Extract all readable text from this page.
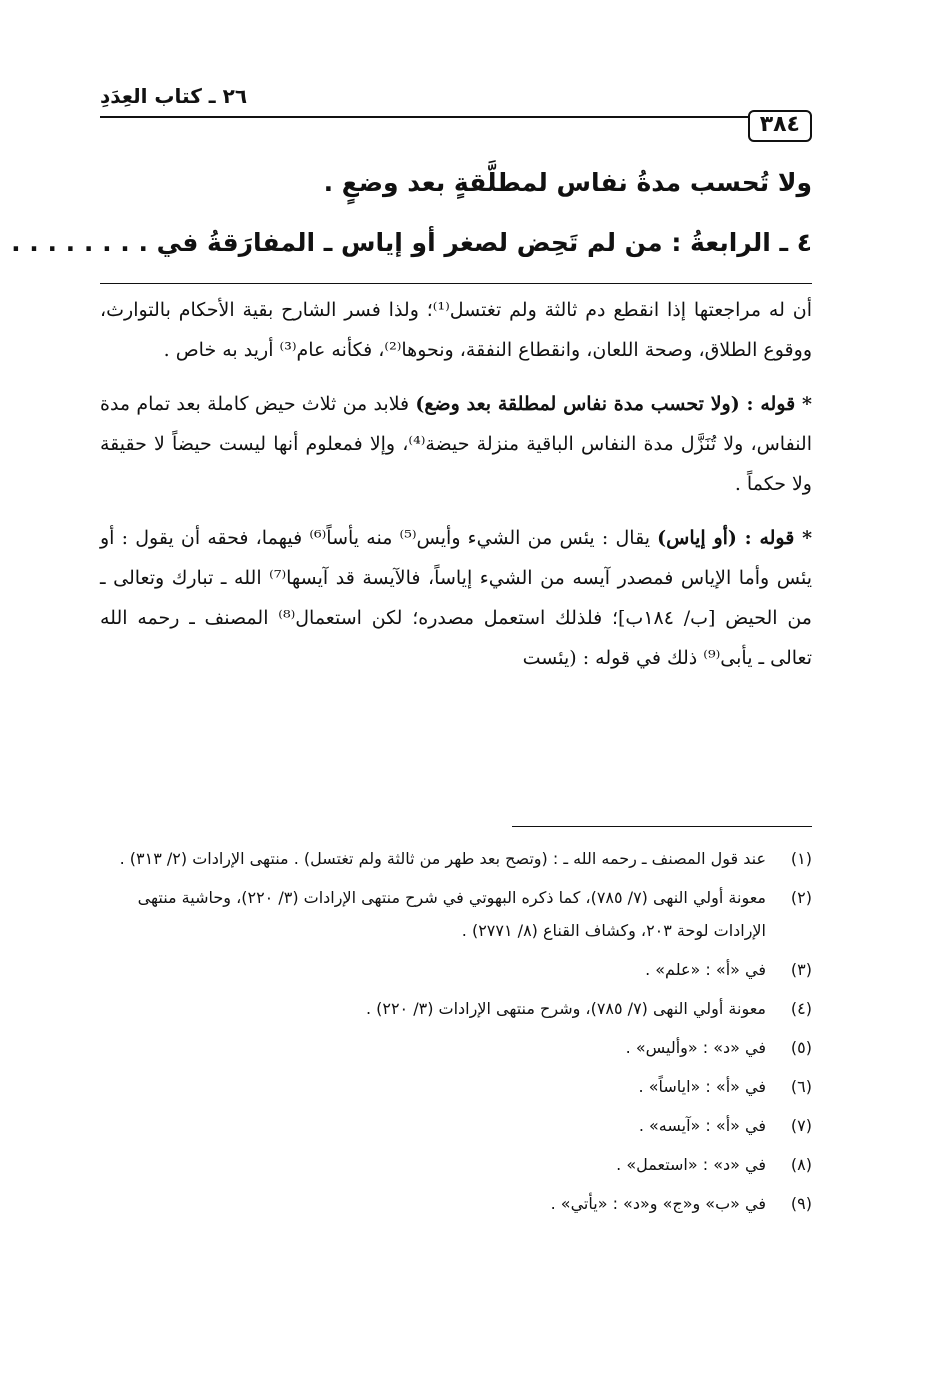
٢٦ ـ كتاب العِدَدِ
٣٨٤
ولا تُحسب مدةُ نفاس لمطلَّقةٍ بعد وضعٍ .
٤ ـ الرابعةُ : من لم تَحِض لصغر أو إياس ـ المفارَقةُ في . . . . . . . .

أن له مراجعتها إذا انقطع دم ثالثة ولم تغتسل⁽¹⁾؛ ولذا فسر الشارح بقية الأحكام بالتوارث، ووقوع الطلاق، وصحة اللعان، وانقطاع النفقة، ونحوها⁽²⁾، فكأنه عام⁽³⁾ أريد به خاص .

* قوله : (ولا تحسب مدة نفاس لمطلقة بعد وضع) فلابد من ثلاث حيض كاملة بعد تمام مدة النفاس، ولا تُنَزَّل مدة النفاس الباقية منزلة حيضة⁽⁴⁾، وإلا فمعلوم أنها ليست حيضاً لا حقيقة ولا حكماً .

* قوله : (أو إياس) يقال : يئس من الشيء وأيس⁽⁵⁾ منه يأساً⁽⁶⁾ فيهما، فحقه أن يقول : أو يئس وأما الإياس فمصدر آيسه من الشيء إياساً، فالآيسة قد آيسها⁽⁷⁾ الله ـ تبارك وتعالى ـ من الحيض [ب/ ١٨٤ب]؛ فلذلك استعمل مصدره؛ لكن استعمال⁽⁸⁾ المصنف ـ رحمه الله تعالى ـ يأبى⁽⁹⁾ ذلك في قوله : (يئست

(١)
عند قول المصنف ـ رحمه الله ـ : (وتصح بعد طهر من ثالثة ولم تغتسل) . منتهى الإرادات (٢/ ٣١٣) .
(٢)
معونة أولي النهى (٧/ ٧٨٥)، كما ذكره البهوتي في شرح منتهى الإرادات (٣/ ٢٢٠)، وحاشية منتهى الإرادات لوحة ٢٠٣، وكشاف القناع (٨/ ٢٧٧١) .
(٣)
في «أ» : «علم» .
(٤)
معونة أولي النهى (٧/ ٧٨٥)، وشرح منتهى الإرادات (٣/ ٢٢٠) .
(٥)
في «د» : «وأليس» .
(٦)
في «أ» : «اياساً» .
(٧)
في «أ» : «آيسه» .
(٨)
في «د» : «استعمل» .
(٩)
في «ب» و«ج» و«د» : «يأتي» .
